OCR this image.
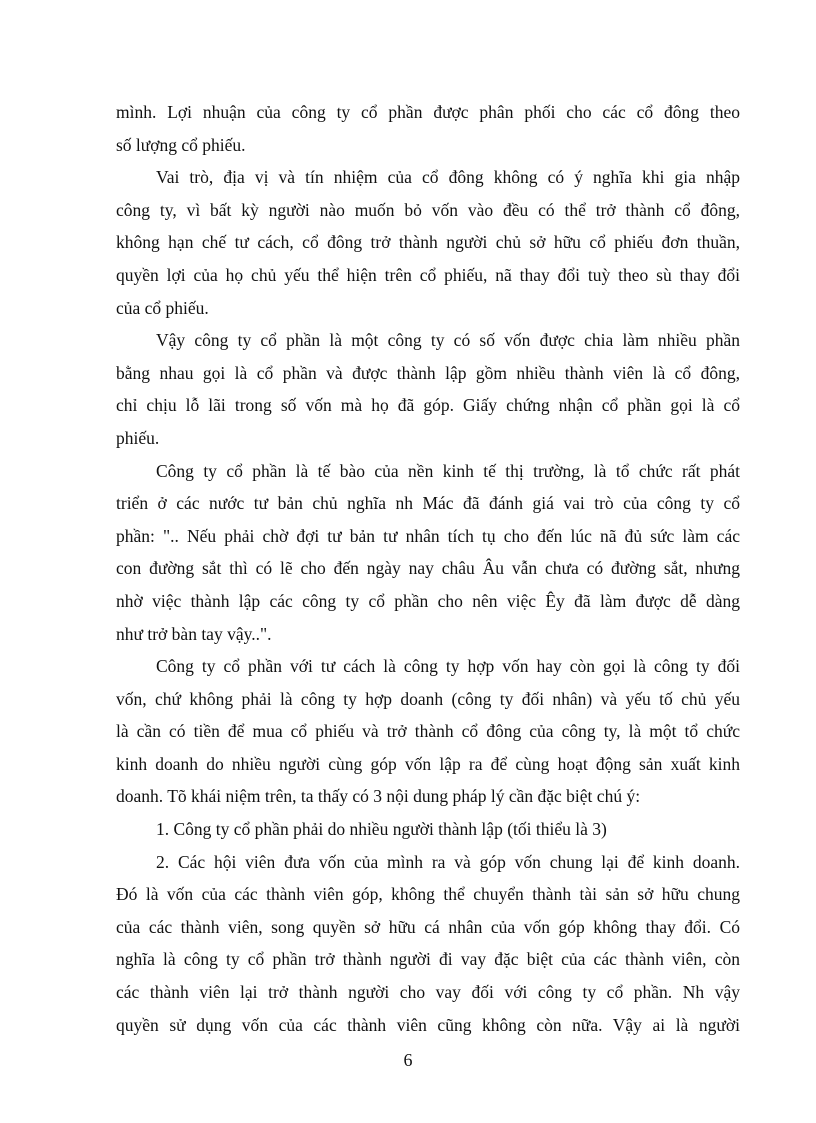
mình. Lợi nhuận của công ty cổ phần được phân phối cho các cổ đông theo
số lượng cổ phiếu.
Vai trò, địa vị và tín nhiệm của cổ đông không có ý nghĩa khi gia nhập
công ty, vì bất kỳ người nào muốn bỏ vốn vào đều có thể trở thành cổ đông,
không hạn chế tư cách, cổ đông trở thành người chủ sở hữu cổ phiếu đơn thuần,
quyền lợi của họ chủ yếu thể hiện trên cổ phiếu, nã thay đổi tuỳ theo sù thay đổi
của cổ phiếu.
Vậy công ty cổ phần là một công ty có số vốn được chia làm nhiều phần
bằng nhau gọi là cổ phần và được thành lập gồm nhiều thành viên là cổ đông,
chỉ chịu lỗ lãi trong số vốn mà họ đã góp. Giấy chứng nhận cổ phần gọi là cổ
phiếu.
Công ty cổ phần là tế bào của nền kinh tế thị trường, là tổ chức rất phát
triển ở các nước tư bản chủ nghĩa nh Mác đã đánh giá vai trò của công ty cổ
phần: ".. Nếu phải chờ đợi tư bản tư nhân tích tụ cho đến lúc nã đủ sức làm các
con đường sắt thì có lẽ cho đến ngày nay châu Âu vẫn chưa có đường sắt, nhưng
nhờ việc thành lập các công ty cổ phần cho nên việc Êy đã làm được dễ dàng
như trở bàn tay vậy..".
Công ty cổ phần với tư cách là công ty hợp vốn hay còn gọi là công ty đối
vốn, chứ không phải là công ty hợp doanh (công ty đối nhân) và yếu tố chủ yếu
là cần có tiền để mua cổ phiếu và trở thành cổ đông của công ty, là một tổ chức
kinh doanh do nhiều người cùng góp vốn lập ra để cùng hoạt động sản xuất kinh
doanh. Tõ khái niệm trên, ta thấy có 3 nội dung pháp lý cần đặc biệt chú ý:
1. Công ty cổ phần phải do nhiều người thành lập (tối thiểu là 3)
2. Các hội viên đưa vốn của mình ra và góp vốn chung lại để kinh doanh.
Đó là vốn của các thành viên góp, không thể chuyển thành tài sản sở hữu chung
của các thành viên, song quyền sở hữu cá nhân của vốn góp không thay đổi. Có
nghĩa là công ty cổ phần trở thành người đi vay đặc biệt của các thành viên, còn
các thành viên lại trở thành người cho vay đối với công ty cổ phần. Nh vậy
quyền sử dụng vốn của các thành viên cũng không còn nữa. Vậy ai là người
6
